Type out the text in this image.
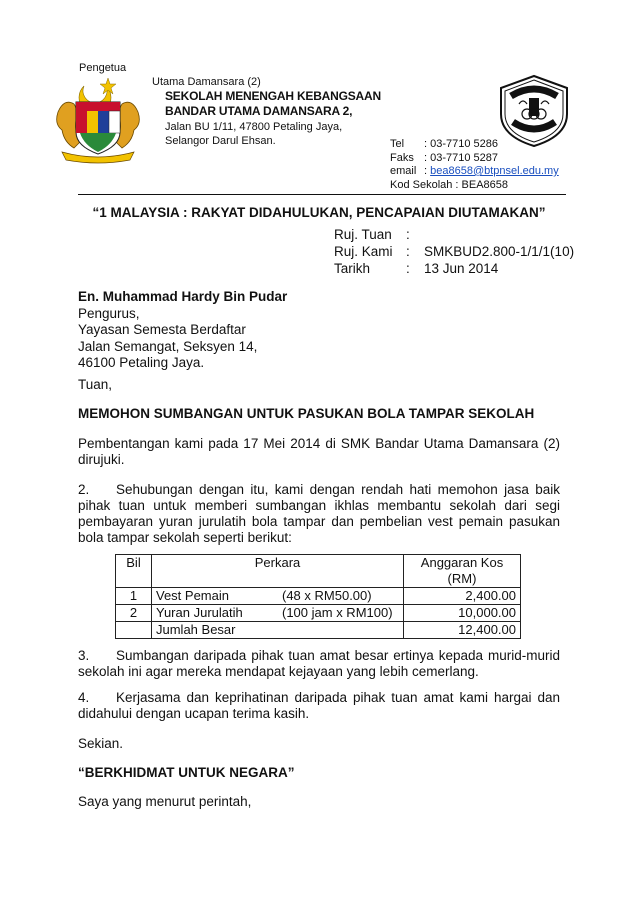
Pengetua
Utama Damansara (2)
SEKOLAH MENENGAH KEBANGSAAN
BANDAR UTAMA DAMANSARA 2,
Jalan BU 1/11, 47800 Petaling Jaya,
Selangor Darul Ehsan.	Tel : 03-7710 5286
Faks : 03-7710 5287
email : bea8658@btpnsel.edu.my
Kod Sekolah : BEA8658
“1 MALAYSIA : RAKYAT DIDAHULUKAN, PENCAPAIAN DIUTAMAKAN”
Ruj. Tuan :
Ruj. Kami : SMKBUD2.800-1/1/1(10)
Tarikh	: 13 Jun 2014
En. Muhammad Hardy Bin Pudar
Pengurus,
Yayasan Semesta Berdaftar
Jalan Semangat, Seksyen 14,
46100 Petaling Jaya.
Tuan,
MEMOHON SUMBANGAN UNTUK PASUKAN BOLA TAMPAR SEKOLAH
Pembentangan kami pada 17 Mei 2014 di SMK Bandar Utama Damansara (2) dirujuki.
2. Sehubungan dengan itu, kami dengan rendah hati memohon jasa baik pihak tuan untuk memberi sumbangan ikhlas membantu sekolah dari segi pembayaran yuran jurulatih bola tampar dan pembelian vest pemain pasukan bola tampar sekolah seperti berikut:
Bil	Perkara		Anggaran Kos
(RM)

1	Vest Pemain	(48 x RM50.00)	2,400.00
2	Yuran Jurulatih	(100 jam x RM100)	10,000.00
	Jumlah Besar		12,400.00
3. Sumbangan daripada pihak tuan amat besar ertinya kepada murid-murid sekolah ini agar mereka mendapat kejayaan yang lebih cemerlang.
4. Kerjasama dan keprihatinan daripada pihak tuan amat kami hargai dan didahului dengan ucapan terima kasih.
Sekian.
“BERKHIDMAT UNTUK NEGARA”
Saya yang menurut perintah,
